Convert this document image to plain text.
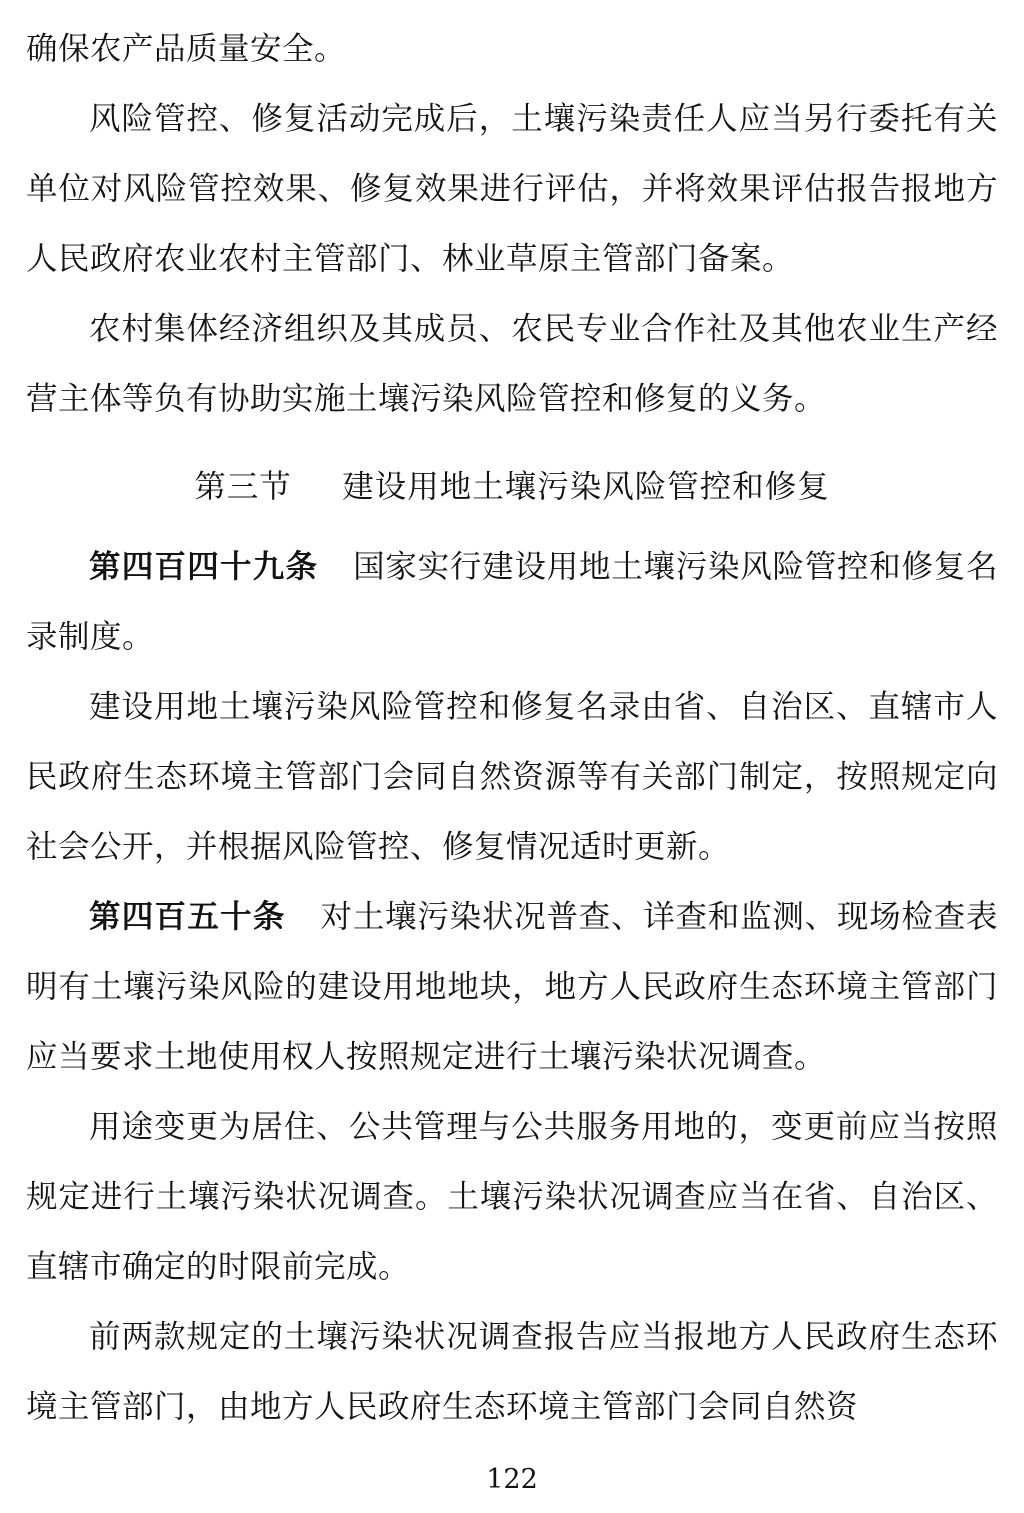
确保农产品质量安全。

风险管控、修复活动完成后，土壤污染责任人应当另行委托有关单位对风险管控效果、修复效果进行评估，并将效果评估报告报地方人民政府农业农村主管部门、林业草原主管部门备案。

农村集体经济组织及其成员、农民专业合作社及其他农业生产经营主体等负有协助实施土壤污染风险管控和修复的义务。

第三节 建设用地土壤污染风险管控和修复

第四百四十九条 国家实行建设用地土壤污染风险管控和修复名录制度。

建设用地土壤污染风险管控和修复名录由省、自治区、直辖市人民政府生态环境主管部门会同自然资源等有关部门制定，按照规定向社会公开，并根据风险管控、修复情况适时更新。

第四百五十条 对土壤污染状况普查、详查和监测、现场检查表明有土壤污染风险的建设用地地块，地方人民政府生态环境主管部门应当要求土地使用权人按照规定进行土壤污染状况调查。

用途变更为居住、公共管理与公共服务用地的，变更前应当按照规定进行土壤污染状况调查。土壤污染状况调查应当在省、自治区、直辖市确定的时限前完成。

前两款规定的土壤污染状况调查报告应当报地方人民政府生态环境主管部门，由地方人民政府生态环境主管部门会同自然资

122
